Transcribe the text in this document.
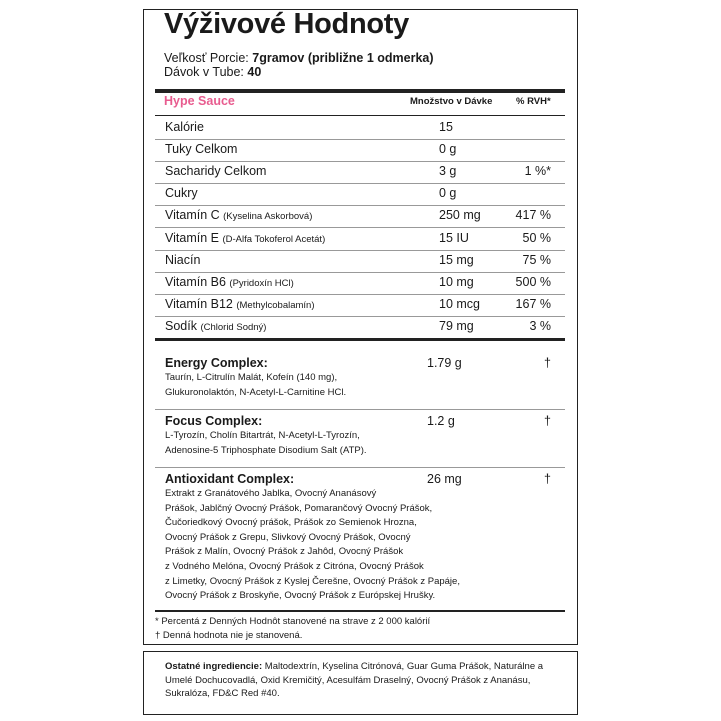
Výživové Hodnoty
Veľkosť Porcie: 7gramov (približne 1 odmerka)
Dávok v Tube: 40
Hype Sauce	Množstvo v Dávke % RVH*
Kalórie	15
Tuky Celkom	0 g
Sacharidy Celkom	3 g	1 %*
Cukry	0 g
Vitamín C (Kyselina Askorbová)	250 mg	417 %
Vitamín E (D-Alfa Tokoferol Acetát)	15 IU	50 %
Niacín	15 mg	75 %
Vitamín B6 (Pyridoxín HCl)	10 mg	500 %
Vitamín B12 (Methylcobalamín)	10 mcg	167 %
Sodík (Chlorid Sodný)	79 mg	3 %
Energy Complex:	1.79 g	†
Taurín, L-Citrulín Malát, Kofeín (140 mg),
Glukuronolaktón, N-Acetyl-L-Carnitine HCl.
Focus Complex:	1.2 g	†
L-Tyrozín, Cholín Bitartrát, N-Acetyl-L-Tyrozín,
Adenosine-5 Triphosphate Disodium Salt (ATP).
Antioxidant Complex:	26 mg	†
Extrakt z Granátového Jablka, Ovocný Ananásový
Prášok, Jablčný Ovocný Prášok, Pomarančový Ovocný Prášok,
Čučoriedkový Ovocný prášok, Prášok zo Semienok Hrozna,
Ovocný Prášok z Grepu, Slivkový Ovocný Prášok, Ovocný
Prášok z Malín, Ovocný Prášok z Jahôd, Ovocný Prášok
z Vodného Melóna, Ovocný Prášok z Citróna, Ovocný Prášok
z Limetky, Ovocný Prášok z Kyslej Čerešne, Ovocný Prášok z Papáje,
Ovocný Prášok z Broskyňe, Ovocný Prášok z Európskej Hrušky.
* Percentá z Denných Hodnôt stanovené na strave z 2 000 kalórií
† Denná hodnota nie je stanovená.

Ostatné ingrediencie: Maltodextrín, Kyselina Citrónová, Guar Guma Prášok, Naturálne a Umelé Dochucovadlá, Oxid Kremičitý, Acesulfám Draselný, Ovocný Prášok z Ananásu, Sukralóza, FD&C Red #40.
